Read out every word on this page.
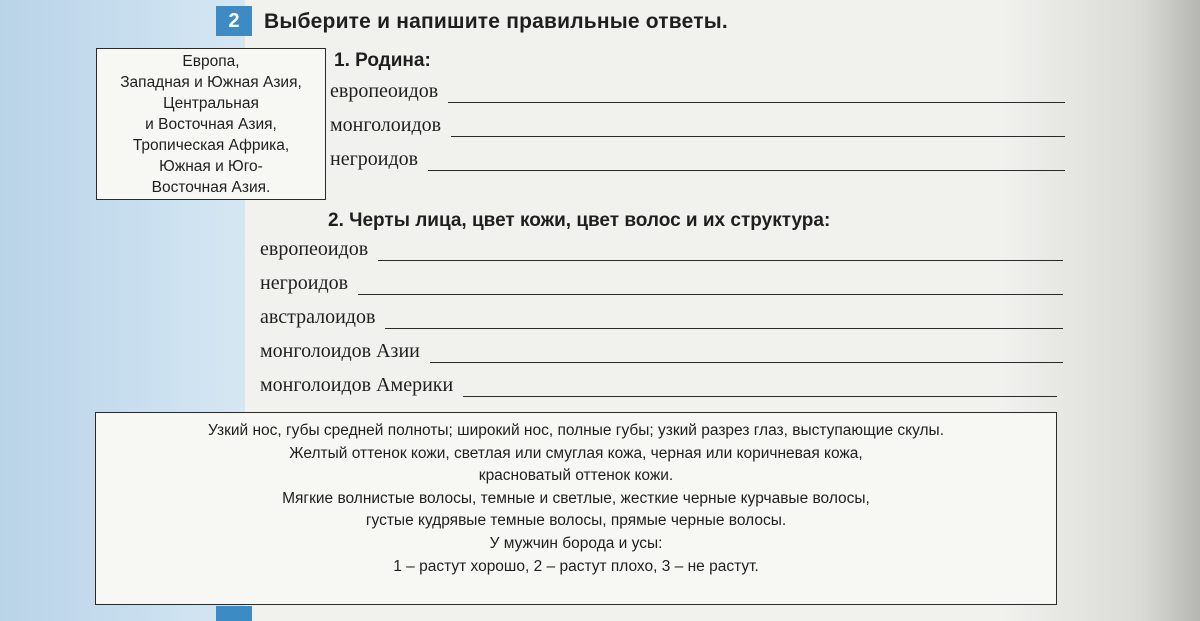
2	Выберите и напишите правильные ответы.
Европа,
Западная и Южная Азия,
Центральная
и Восточная Азия,
Тропическая Африка,
Южная и Юго-
Восточная Азия.
1. Родина:
европеоидов
монголоидов
негроидов
2. Черты лица, цвет кожи, цвет волос и их структура:
европеоидов
негроидов
австралоидов
монголоидов Азии
монголоидов Америки
Узкий нос, губы средней полноты; широкий нос, полные губы; узкий разрез глаз, выступающие скулы.
Желтый оттенок кожи, светлая или смуглая кожа, черная или коричневая кожа,
красноватый оттенок кожи.
Мягкие волнистые волосы, темные и светлые, жесткие черные курчавые волосы,
густые кудрявые темные волосы, прямые черные волосы.
У мужчин борода и усы:
1 – растут хорошо, 2 – растут плохо, 3 – не растут.
